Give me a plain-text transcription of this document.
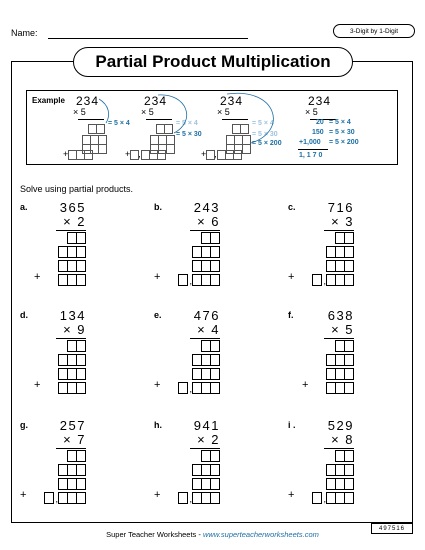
Name:	3-Digit by 1-Digit
Partial Product Multiplication
Example 234
× 5
= 5 × 4
+
234
× 5
= 5 × 4
= 5 × 30
+ ,
234
× 5
= 5 × 4
= 5 × 30
= 5 × 200
+ ,
234
× 5
20 = 5 × 4
150 = 5 × 30
+1,000 = 5 × 200
1, 1 7 0
Solve using partial products.
a. 365
× 2
+
b. 243
× 6
+	,
c. 716
× 3
+	,
d. 134
× 9
+
e. 476
× 4
+	,
f.	638
× 5
+
g. 257
× 7
+	,
h. 941
× 2
+	,
i . 529
× 8
+	,
Super Teacher Worksheets - www.superteacherworksheets.com
497516
